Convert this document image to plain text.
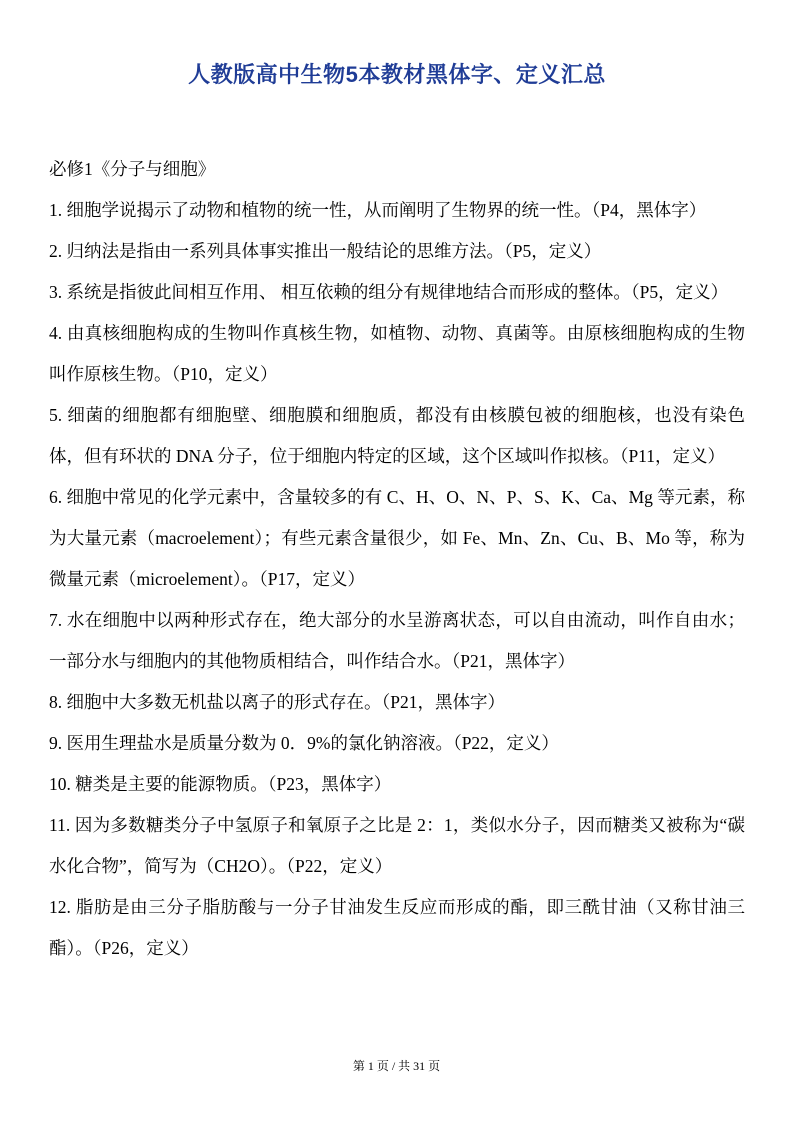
人教版高中生物5本教材黑体字、定义汇总

必修1《分子与细胞》

1. 细胞学说揭示了动物和植物的统一性，从而阐明了生物界的统一性。（P4，黑体字）

2. 归纳法是指由一系列具体事实推出一般结论的思维方法。（P5，定义）

3. 系统是指彼此间相互作用、 相互依赖的组分有规律地结合而形成的整体。（P5，定义）

4. 由真核细胞构成的生物叫作真核生物，如植物、动物、真菌等。由原核细胞构成的生物叫作原核生物。（P10，定义）

5. 细菌的细胞都有细胞壁、细胞膜和细胞质，都没有由核膜包被的细胞核，也没有染色体，但有环状的 DNA 分子，位于细胞内特定的区域，这个区域叫作拟核。（P11，定义）

6. 细胞中常见的化学元素中，含量较多的有 C、H、O、N、P、S、K、Ca、Mg 等元素，称为大量元素（macroelement）；有些元素含量很少，如 Fe、Mn、Zn、Cu、B、Mo 等，称为微量元素（microelement）。（P17，定义）

7. 水在细胞中以两种形式存在，绝大部分的水呈游离状态，可以自由流动，叫作自由水；一部分水与细胞内的其他物质相结合，叫作结合水。（P21，黑体字）

8. 细胞中大多数无机盐以离子的形式存在。（P21，黑体字）

9. 医用生理盐水是质量分数为 0．9%的氯化钠溶液。（P22，定义）

10. 糖类是主要的能源物质。（P23，黑体字）

11. 因为多数糖类分子中氢原子和氧原子之比是 2：1，类似水分子，因而糖类又被称为“碳水化合物”，简写为（CH2O）。（P22，定义）

12. 脂肪是由三分子脂肪酸与一分子甘油发生反应而形成的酯，即三酰甘油（又称甘油三酯）。（P26，定义）

第 1 页 / 共 31 页
